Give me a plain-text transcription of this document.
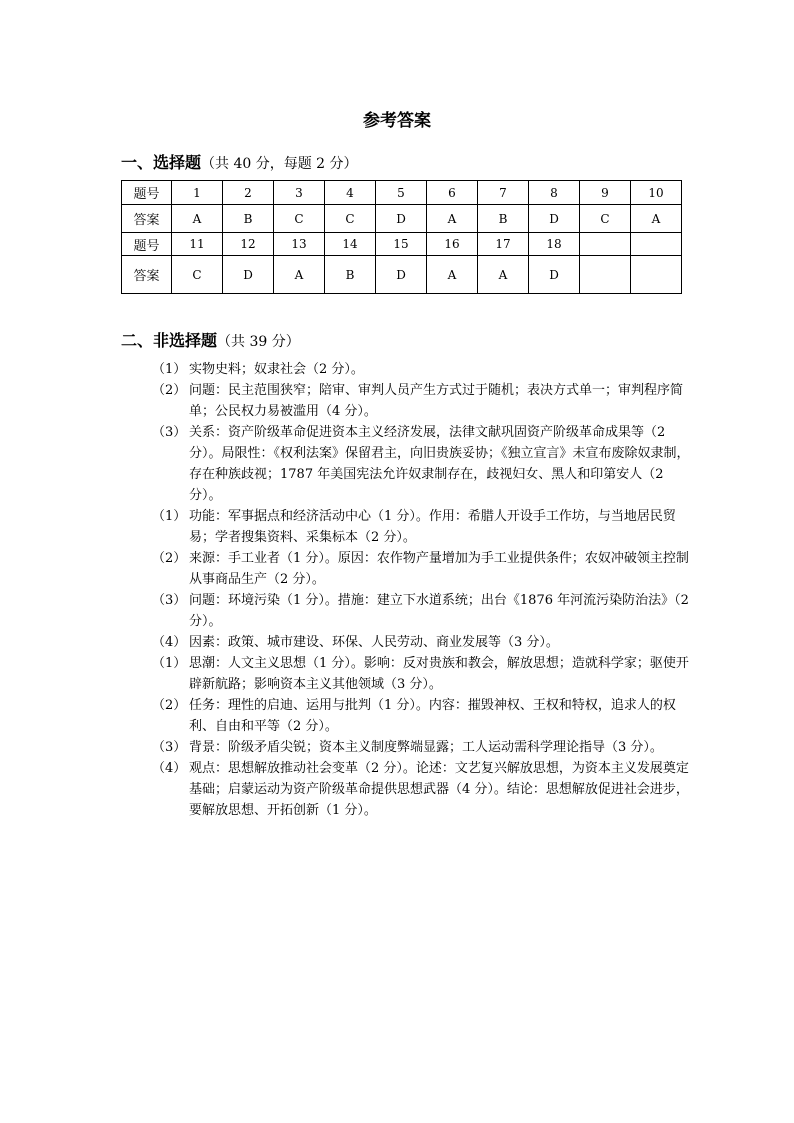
参考答案
一、选择题（共 40 分，每题 2 分）
题号	1	2	3	4	5	6	7	8	9	10
答案	A	B	C	C	D	A	B	D	C	A
题号	11	12	13	14	15	16	17	18		
答案	C	D	A	B	D	A	A	D		
二、非选择题（共 39 分）
（1） 实物史料；奴隶社会（2 分）。
（2） 问题：民主范围狭窄；陪审、审判人员产生方式过于随机；表决方式单一；审判程序简单；公民权力易被滥用（4 分）。
（3） 关系：资产阶级革命促进资本主义经济发展，法律文献巩固资产阶级革命成果等（2 分）。局限性：《权利法案》保留君主，向旧贵族妥协；《独立宣言》未宣布废除奴隶制，存在种族歧视；1787 年美国宪法允许奴隶制存在，歧视妇女、黑人和印第安人（2 分）。
（1） 功能：军事据点和经济活动中心（1 分）。作用：希腊人开设手工作坊，与当地居民贸易；学者搜集资料、采集标本（2 分）。
（2） 来源：手工业者（1 分）。原因：农作物产量增加为手工业提供条件；农奴冲破领主控制从事商品生产（2 分）。
（3） 问题：环境污染（1 分）。措施：建立下水道系统；出台《1876 年河流污染防治法》（2 分）。
（4） 因素：政策、城市建设、环保、人民劳动、商业发展等（3 分）。
（1） 思潮：人文主义思想（1 分）。影响：反对贵族和教会，解放思想；造就科学家；驱使开辟新航路；影响资本主义其他领域（3 分）。
（2） 任务：理性的启迪、运用与批判（1 分）。内容：摧毁神权、王权和特权，追求人的权利、自由和平等（2 分）。
（3） 背景：阶级矛盾尖锐；资本主义制度弊端显露；工人运动需科学理论指导（3 分）。
（4） 观点：思想解放推动社会变革（2 分）。论述：文艺复兴解放思想，为资本主义发展奠定基础；启蒙运动为资产阶级革命提供思想武器（4 分）。结论：思想解放促进社会进步，要解放思想、开拓创新（1 分）。
